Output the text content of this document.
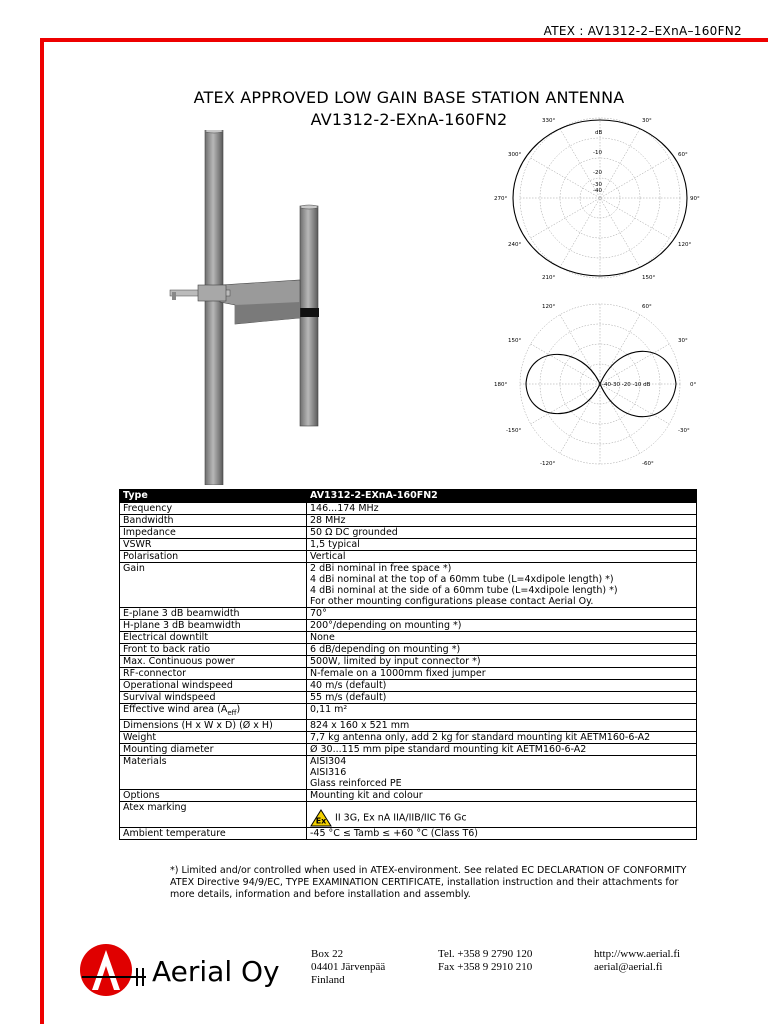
ATEX : AV1312-2–EXnA–160FN2
ATEX APPROVED LOW GAIN BASE STATION ANTENNA
AV1312-2-EXnA-160FN2	330°	30°
300°	60°
270°	90°
240°	120°
210°	150°
dB
-10
-20
-30
-40
120°	60°
150°	30°
180°	0°
-150°	-30°
-120°	-60°
-40-30 -20 -10 dB
Type	AV1312-2-EXnA-160FN2
Frequency	146...174 MHz
Bandwidth	28 MHz
Impedance	50 Ω DC grounded
VSWR	1,5 typical
Polarisation	Vertical
Gain	2 dBi nominal in free space *)
4 dBi nominal at the top of a 60mm tube (L=4xdipole length) *)
4 dBi nominal at the side of a 60mm tube (L=4xdipole length) *)
For other mounting configurations please contact Aerial Oy.

E-plane 3 dB beamwidth	70°
H-plane 3 dB beamwidth	200°/depending on mounting *)
Electrical downtilt	None
Front to back ratio	6 dB/depending on mounting *)
Max. Continuous power	500W, limited by input connector *)
RF-connector	N-female on a 1000mm fixed jumper
Operational windspeed	40 m/s (default)
Survival windspeed	55 m/s (default)
Effective wind area $(A_{eff})$	0,11 m²
Dimensions (H x W x D) (Ø x H)	824 x 160 x 521 mm
Weight	7,7 kg antenna only, add 2 kg for standard mounting kit AETM160-6-A2
Mounting diameter	Ø 30...115 mm pipe standard mounting kit AETM160-6-A2
Materials	AISI304
AISI316
Glass reinforced PE

Options	Mounting kit and colour
Atex marking	Ex II 3G, Ex nA IIA/IIB/IIC T6 Gc
Ambient temperature	-45 °C ≤ Tamb ≤ +60 °C (Class T6)
*) Limited and/or controlled when used in ATEX-environment. See related EC DECLARATION OF CONFORMITY ATEX Directive 94/9/EC, TYPE EXAMINATION CERTIFICATE, installation instruction and their attachments for more details, information and before installation and assembly.
Aerial Oy
Box 22
04401 Järvenpää
Finland
Tel. +358 9 2790 120
Fax +358 9 2910 210
http://www.aerial.fi
aerial@aerial.fi
